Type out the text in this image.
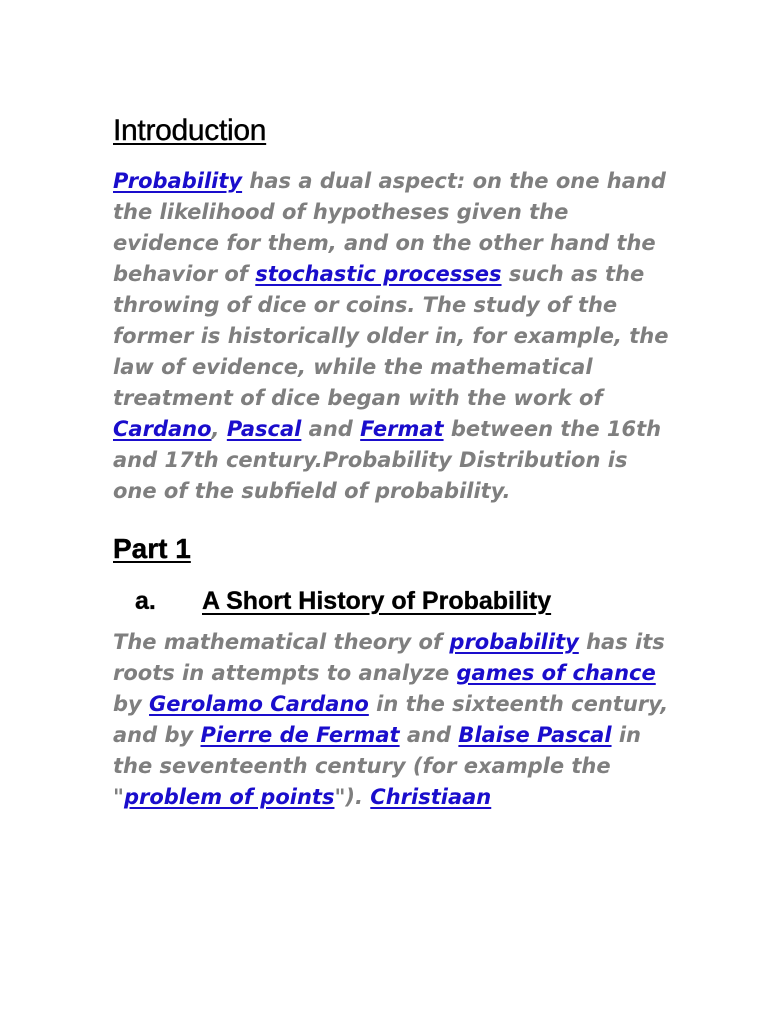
Introduction

Probability has a dual aspect: on the one hand the likelihood of hypotheses given the evidence for them, and on the other hand the behavior of stochastic processes such as the throwing of dice or coins. The study of the former is historically older in, for example, the law of evidence, while the mathematical treatment of dice began with the work of Cardano, Pascal and Fermat between the 16th and 17th century.Probability Distribution is one of the subfield of probability.

Part 1
a. A Short History of Probability

The mathematical theory of probability has its roots in attempts to analyze games of chance by Gerolamo Cardano in the sixteenth century, and by Pierre de Fermat and Blaise Pascal in the seventeenth century (for example the "problem of points"). Christiaan
